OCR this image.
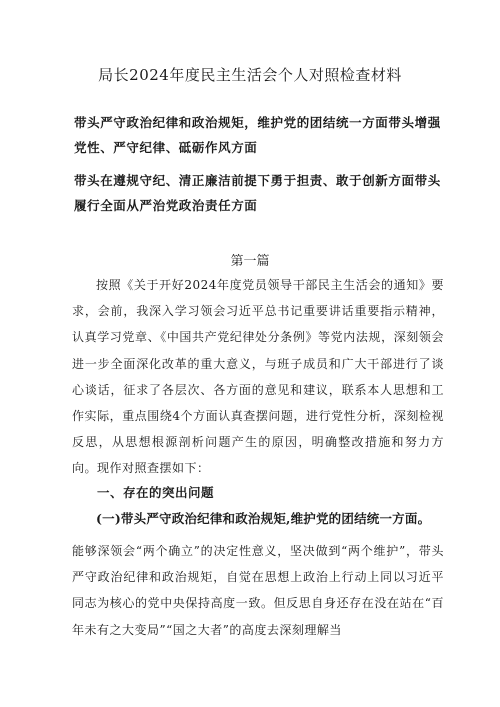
局长2024年度民主生活会个人对照检查材料
带头严守政治纪律和政治规矩，维护党的团结统一方面带头增强党性、严守纪律、砥砺作风方面
带头在遵规守纪、清正廉洁前提下勇于担责、敢于创新方面带头履行全面从严治党政治责任方面
第一篇
按照《关于开好2024年度党员领导干部民主生活会的通知》要求，会前，我深入学习领会习近平总书记重要讲话重要指示精神，认真学习党章、《中国共产党纪律处分条例》等党内法规，深刻领会进一步全面深化改革的重大意义，与班子成员和广大干部进行了谈心谈话，征求了各层次、各方面的意见和建议，联系本人思想和工作实际，重点围绕4个方面认真查摆问题，进行党性分析，深刻检视反思，从思想根源剖析问题产生的原因，明确整改措施和努力方向。现作对照查摆如下：
一、存在的突出问题
(一)带头严守政治纪律和政治规矩,维护党的团结统一方面。
能够深领会“两个确立”的决定性意义，坚决做到“两个维护”，带头严守政治纪律和政治规矩，自觉在思想上政治上行动上同以习近平同志为核心的党中央保持高度一致。但反思自身还存在没在站在“百年未有之大变局”“国之大者”的高度去深刻理解当
